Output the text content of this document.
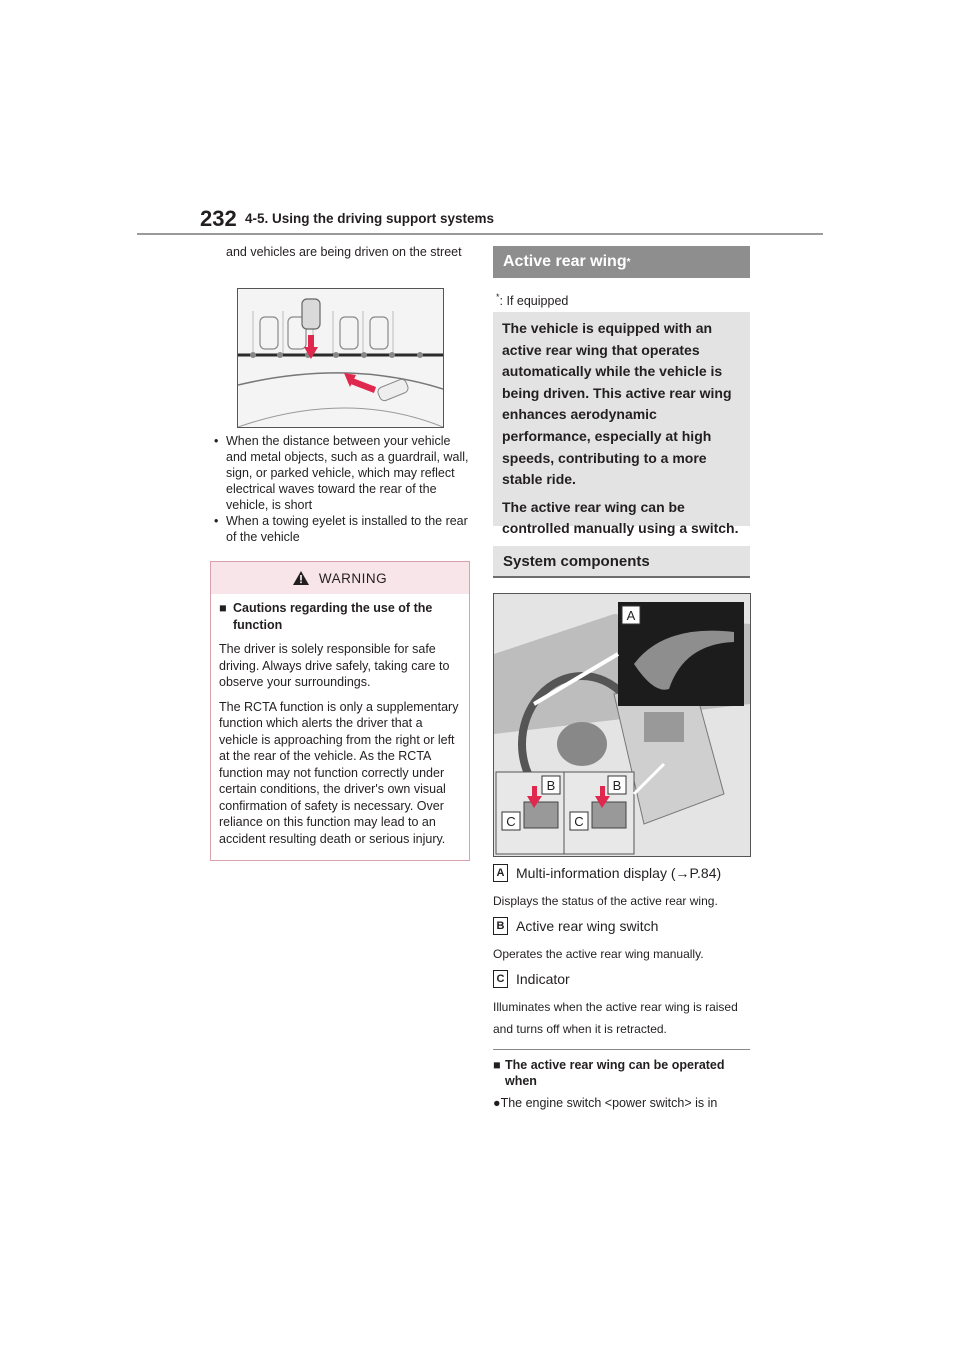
232 4-5. Using the driving support systems
and vehicles are being driven on the street

• When the distance between your vehicle and metal objects, such as a guardrail, wall, sign, or parked vehicle, which may reflect electrical waves toward the rear of the vehicle, is short

• When a towing eyelet is installed to the rear of the vehicle

WARNING
■ Cautions regarding the use of the function

The driver is solely responsible for safe driving. Always drive safely, taking care to observe your surroundings.

The RCTA function is only a supplementary function which alerts the driver that a vehicle is approaching from the right or left at the rear of the vehicle. As the RCTA function may not function correctly under certain conditions, the driver's own visual confirmation of safety is necessary. Over reliance on this function may lead to an accident resulting death or serious injury.

Active rear wing *
*: If equipped

The vehicle is equipped with an active rear wing that operates automatically while the vehicle is being driven. This active rear wing enhances aerodynamic performance, especially at high speeds, contributing to a more stable ride.

The active rear wing can be controlled manually using a switch.

System components
A
B	B
C	C
A Multi-information display (→P.84)
Displays the status of the active rear wing.
B Active rear wing switch
Operates the active rear wing manually.
C Indicator
Illuminates when the active rear wing is raised and turns off when it is retracted.
■ The active rear wing can be operated when
●The engine switch <power switch> is in
